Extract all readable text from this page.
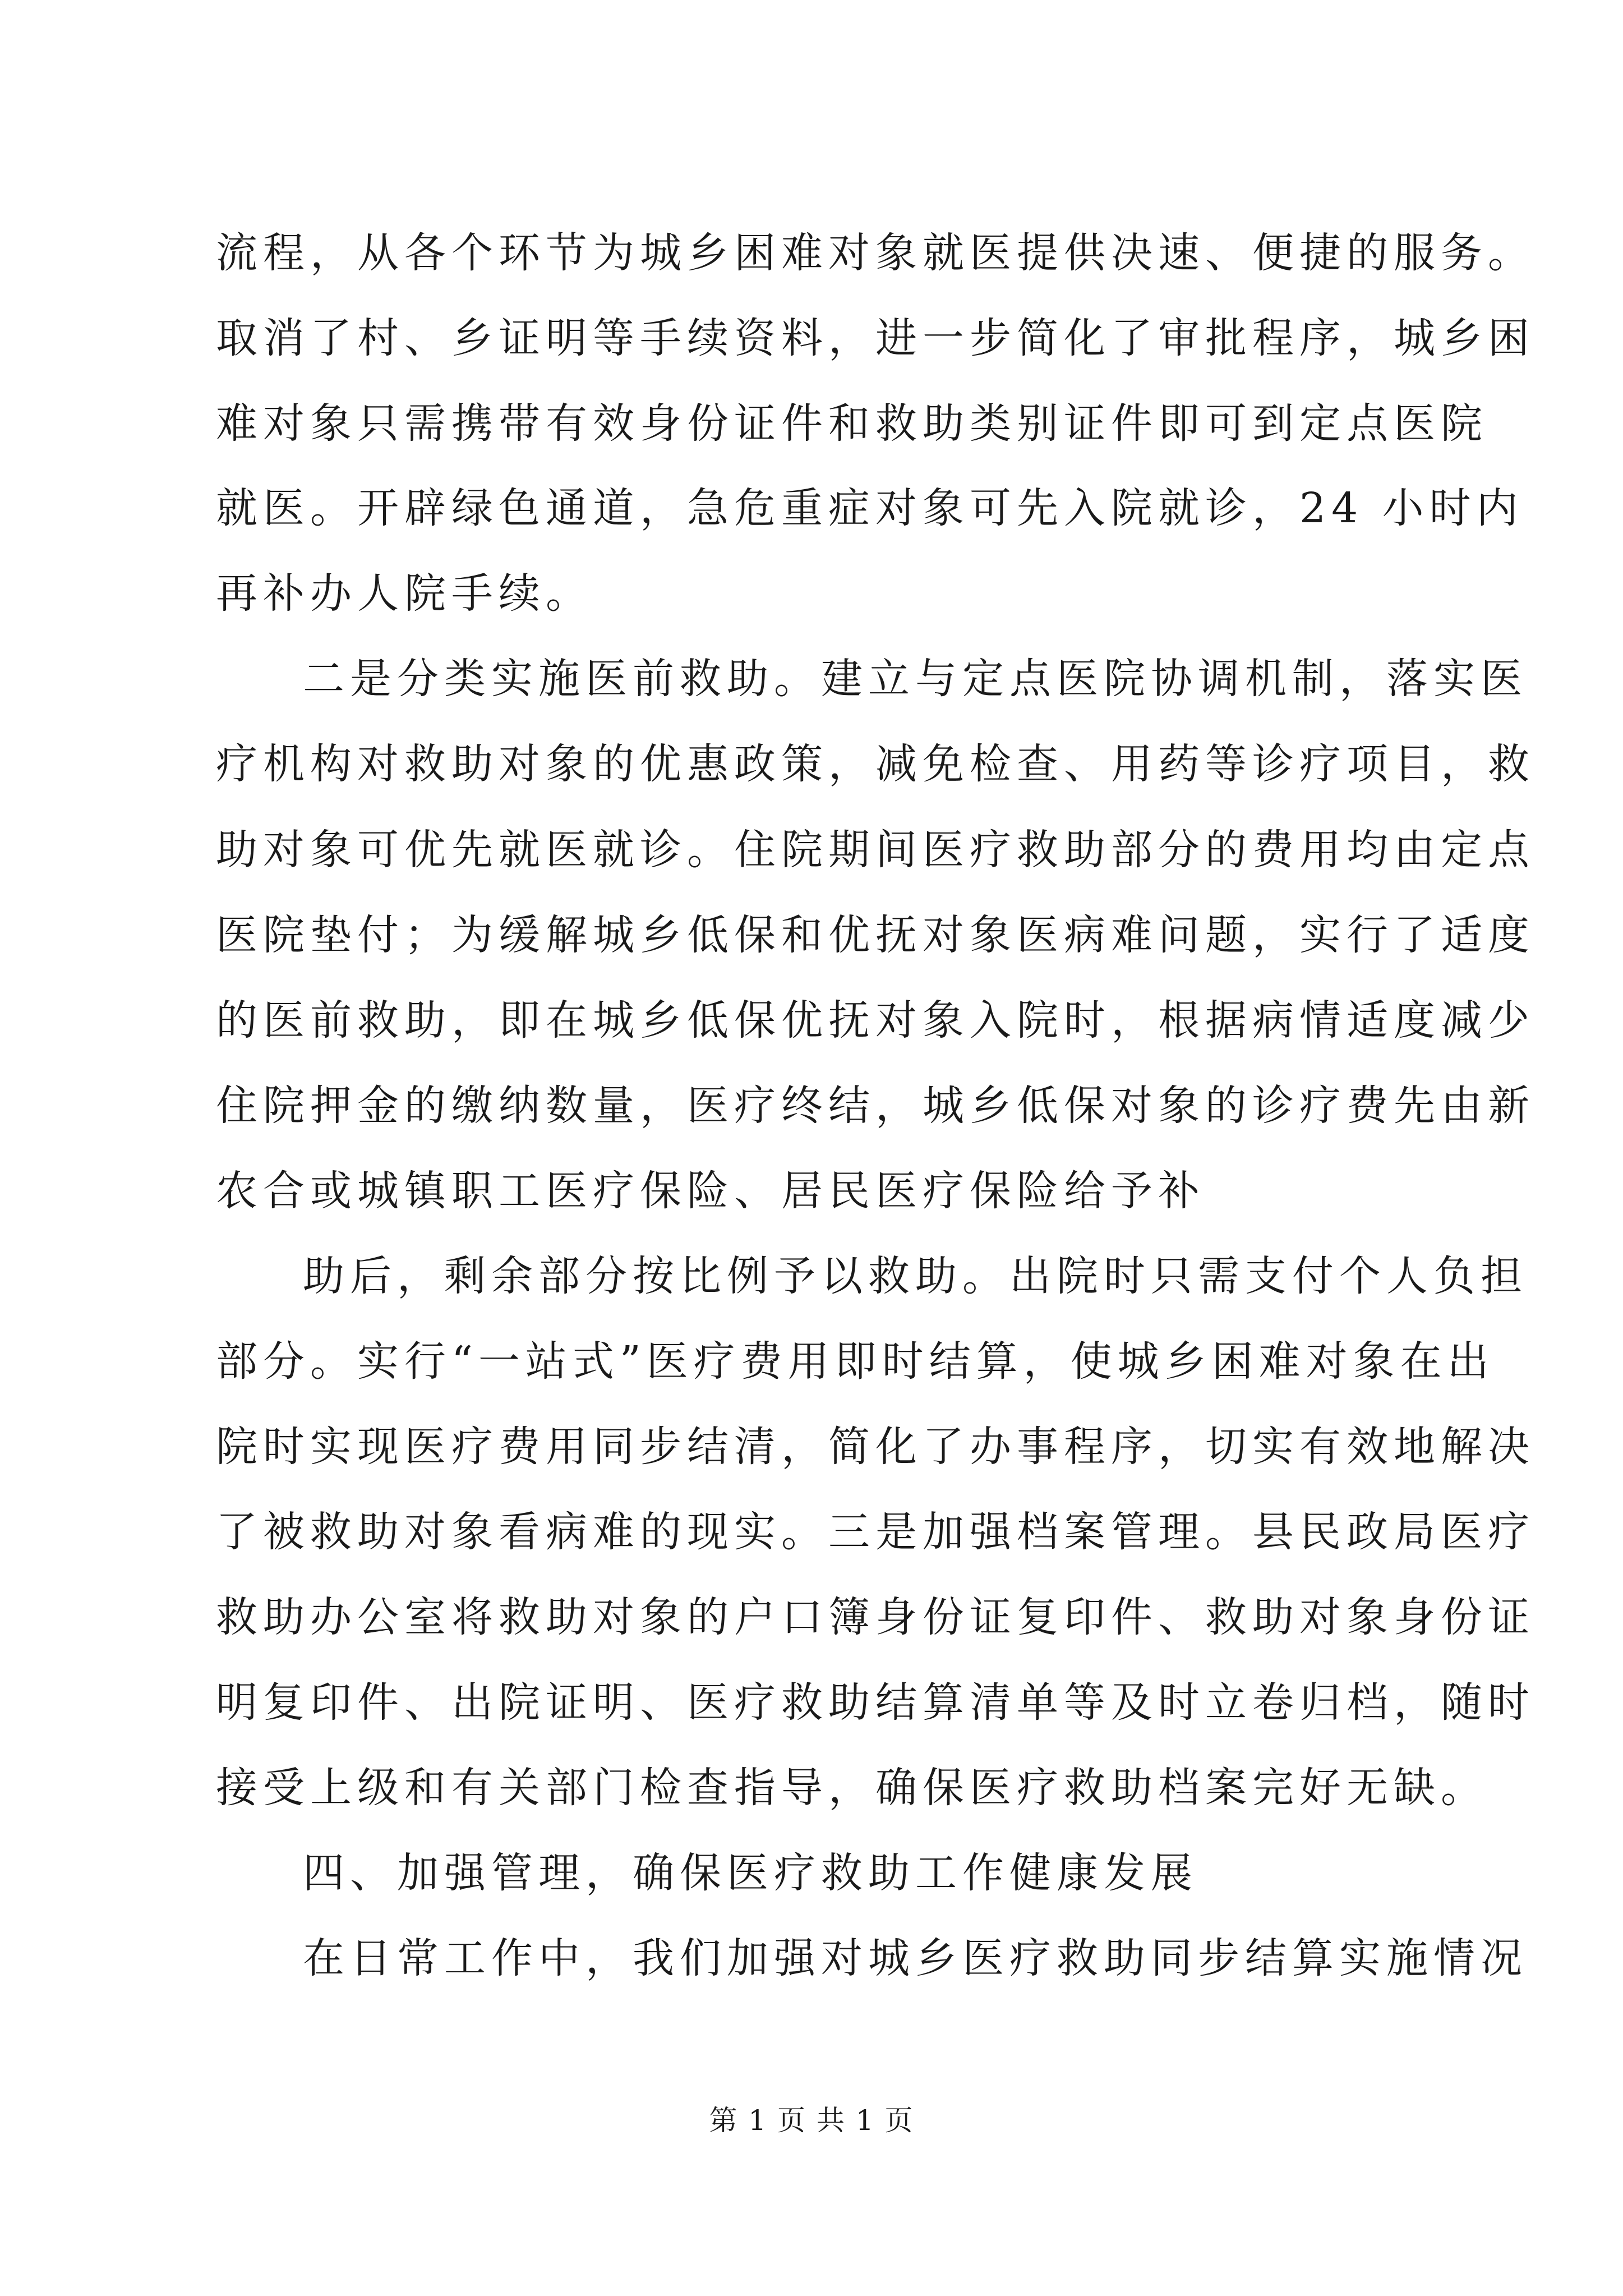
流程，从各个环节为城乡困难对象就医提供决速、便捷的服务。
取消了村、乡证明等手续资料，进一步简化了审批程序，城乡困
难对象只需携带有效身份证件和救助类别证件即可到定点医院
就医。开辟绿色通道，急危重症对象可先入院就诊，24 小时内
再补办人院手续。
二是分类实施医前救助。建立与定点医院协调机制，落实医
疗机构对救助对象的优惠政策，减免检查、用药等诊疗项目，救
助对象可优先就医就诊。住院期间医疗救助部分的费用均由定点
医院垫付；为缓解城乡低保和优抚对象医病难问题，实行了适度
的医前救助，即在城乡低保优抚对象入院时，根据病情适度减少
住院押金的缴纳数量，医疗终结，城乡低保对象的诊疗费先由新
农合或城镇职工医疗保险、居民医疗保险给予补
助后，剩余部分按比例予以救助。出院时只需支付个人负担
部分。实行“一站式”医疗费用即时结算，使城乡困难对象在出
院时实现医疗费用同步结清，简化了办事程序，切实有效地解决
了被救助对象看病难的现实。三是加强档案管理。县民政局医疗
救助办公室将救助对象的户口簿身份证复印件、救助对象身份证
明复印件、出院证明、医疗救助结算清单等及时立卷归档，随时
接受上级和有关部门检查指导，确保医疗救助档案完好无缺。
四、加强管理，确保医疗救助工作健康发展
在日常工作中，我们加强对城乡医疗救助同步结算实施情况
第 1 页 共 1 页
